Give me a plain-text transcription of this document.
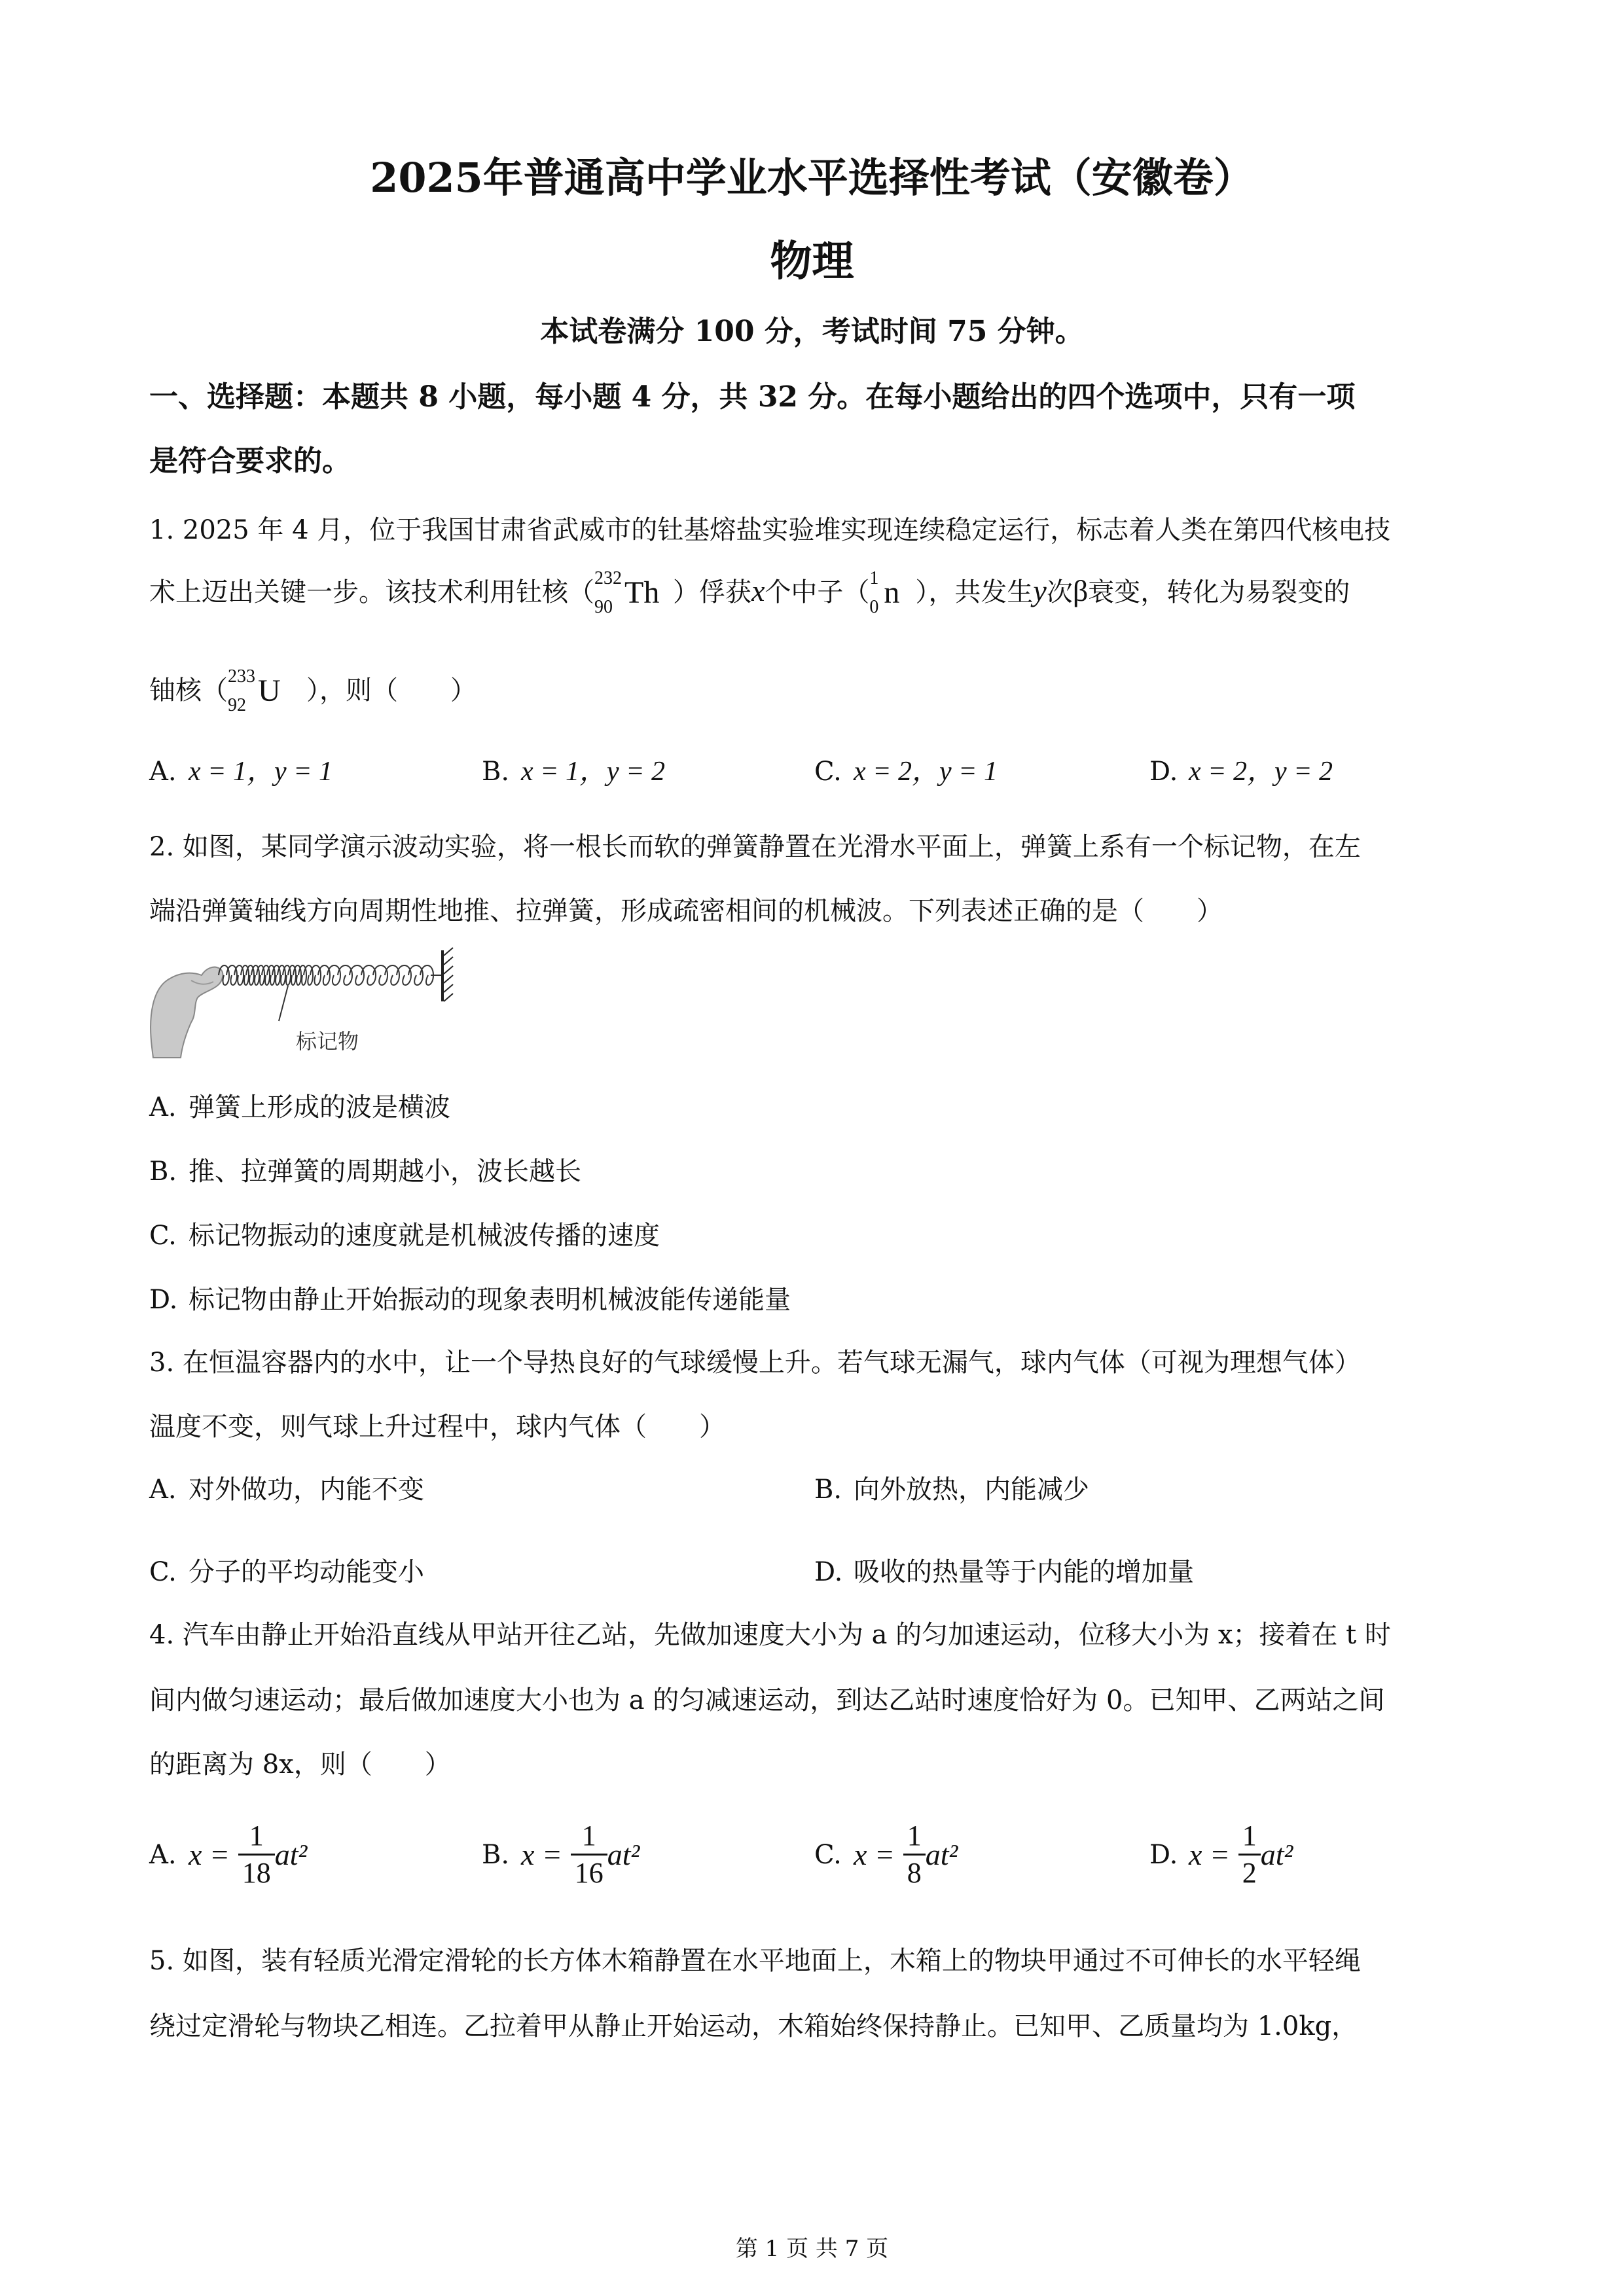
2025年普通高中学业水平选择性考试（安徽卷）
物理
本试卷满分 100 分，考试时间 75 分钟。
一、选择题：本题共 8 小题，每小题 4 分，共 32 分。在每小题给出的四个选项中，只有一项
是符合要求的。
1. 2025 年 4 月，位于我国甘肃省武威市的钍基熔盐实验堆实现连续稳定运行，标志着人类在第四代核电技
术上迈出关键一步。该技术利用钍核（ 232
90 Th ）俘获x个中子（ 1
0 n ），共发生y次β衰变，转化为易裂变的
铀核（ 233
92 U ），则（　　）
A. x = 1，y = 1	B. x = 1，y = 2	C. x = 2，y = 1	D. x = 2，y = 2
2. 如图，某同学演示波动实验，将一根长而软的弹簧静置在光滑水平面上，弹簧上系有一个标记物，在左
端沿弹簧轴线方向周期性地推、拉弹簧，形成疏密相间的机械波。下列表述正确的是（　　）
标记物
A. 弹簧上形成的波是横波
B. 推、拉弹簧的周期越小，波长越长
C. 标记物振动的速度就是机械波传播的速度
D. 标记物由静止开始振动的现象表明机械波能传递能量
3. 在恒温容器内的水中，让一个导热良好的气球缓慢上升。若气球无漏气，球内气体（可视为理想气体）
温度不变，则气球上升过程中，球内气体（　　）
A. 对外做功，内能不变	B. 向外放热，内能减少
C. 分子的平均动能变小	D. 吸收的热量等于内能的增加量
4. 汽车由静止开始沿直线从甲站开往乙站，先做加速度大小为 a 的匀加速运动，位移大小为 x；接着在 t 时
间内做匀速运动；最后做加速度大小也为 a 的匀减速运动，到达乙站时速度恰好为 0。已知甲、乙两站之间
的距离为 8x，则（　　）
A. $x = \frac{1}{18} at^2$	B. $x = \frac{1}{16} at^2$	C. $x = \frac{1}{8} at^2$	D. $x = \frac{1}{2} at^2$
5. 如图，装有轻质光滑定滑轮的长方体木箱静置在水平地面上，木箱上的物块甲通过不可伸长的水平轻绳
绕过定滑轮与物块乙相连。乙拉着甲从静止开始运动，木箱始终保持静止。已知甲、乙质量均为 1.0kg，
第 1 页 共 7 页
